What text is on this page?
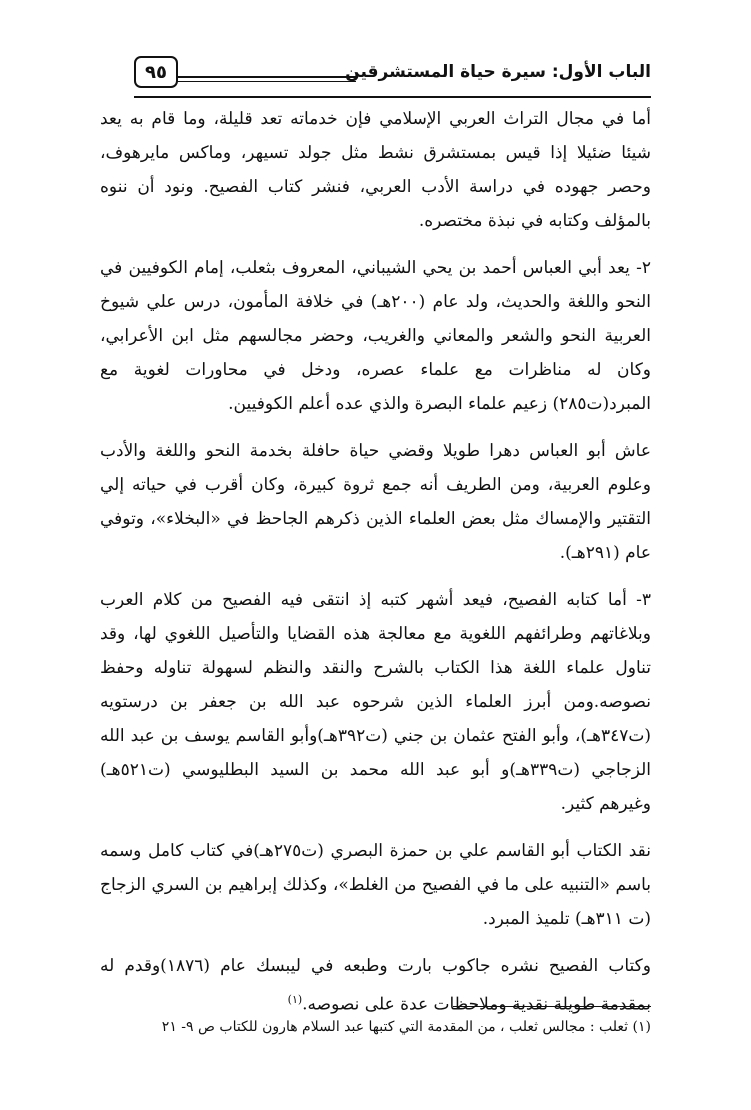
الباب الأول: سيرة حياة المستشرقين
٩٥

أما في مجال التراث العربي الإسلامي فإن خدماته تعد قليلة، وما قام به يعد شيئا ضئيلا إذا قيس بمستشرق نشط مثل جولد تسيهر، وماكس مايرهوف، وحصر جهوده في دراسة الأدب العربي، فنشر كتاب الفصيح. ونود أن ننوه بالمؤلف وكتابه في نبذة مختصره.

٢- يعد أبي العباس أحمد بن يحي الشيباني، المعروف بثعلب، إمام الكوفيين في النحو واللغة والحديث، ولد عام (٢٠٠هـ) في خلافة المأمون، درس علي شيوخ العربية النحو والشعر والمعاني والغريب، وحضر مجالسهم مثل ابن الأعرابي، وكان له مناظرات مع علماء عصره، ودخل في محاورات لغوية مع المبرد(ت٢٨٥) زعيم علماء البصرة والذي عده أعلم الكوفيين.

عاش أبو العباس دهرا طويلا وقضي حياة حافلة بخدمة النحو واللغة والأدب وعلوم العربية، ومن الطريف أنه جمع ثروة كبيرة، وكان أقرب في حياته إلي التقتير والإمساك مثل بعض العلماء الذين ذكرهم الجاحظ في «البخلاء»، وتوفي عام (٢٩١هـ).

٣- أما كتابه الفصيح، فيعد أشهر كتبه إذ انتقى فيه الفصيح من كلام العرب وبلاغاتهم وطرائفهم اللغوية مع معالجة هذه القضايا والتأصيل اللغوي لها، وقد تناول علماء اللغة هذا الكتاب بالشرح والنقد والنظم لسهولة تناوله وحفظ نصوصه.ومن أبرز العلماء الذين شرحوه عبد الله بن جعفر بن درستويه (ت٣٤٧هـ)، وأبو الفتح عثمان بن جني (ت٣٩٢هـ)وأبو القاسم يوسف بن عبد الله الزجاجي (ت٣٣٩هـ)و أبو عبد الله محمد بن السيد البطليوسي (ت٥٢١هـ) وغيرهم كثير.

نقد الكتاب أبو القاسم علي بن حمزة البصري (ت٢٧٥هـ)في كتاب كامل وسمه باسم «التنبيه على ما في الفصيح من الغلط»، وكذلك إبراهيم بن السري الزجاج (ت ٣١١هـ) تلميذ المبرد.

وكتاب الفصيح نشره جاكوب بارت وطبعه في ليبسك عام (١٨٧٦)وقدم له بمقدمة طويلة نقدية وملاحظات عدة على نصوصه.$^{(١)}$

(١) ثعلب : مجالس ثعلب ، من المقدمة التي كتبها عبد السلام هارون للكتاب ص ٩- ٢١
